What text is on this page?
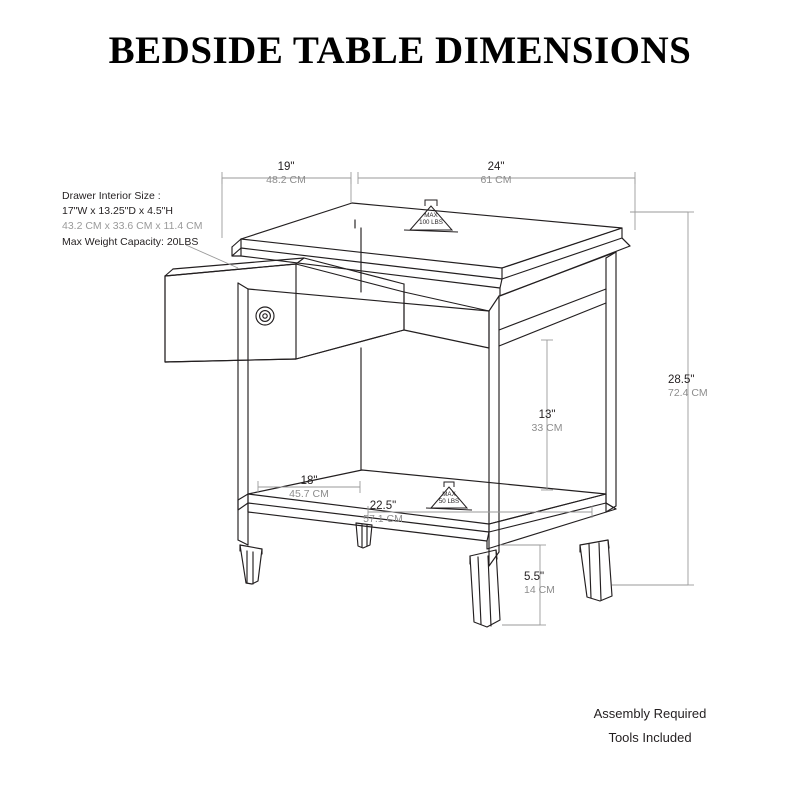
BEDSIDE TABLE DIMENSIONS
Drawer Interior Size :
17"W x 13.25"D x 4.5"H
43.2 CM x 33.6 CM x 11.4 CM
Max Weight Capacity: 20LBS
19"
48.2 CM
24"
61 CM
28.5"
72.4 CM
13"
33 CM
18"
45.7 CM
22.5"
57.1 CM
5.5"
14 CM
MAX
100 LBS
MAX
50 LBS
Assembly Required
Tools Included
